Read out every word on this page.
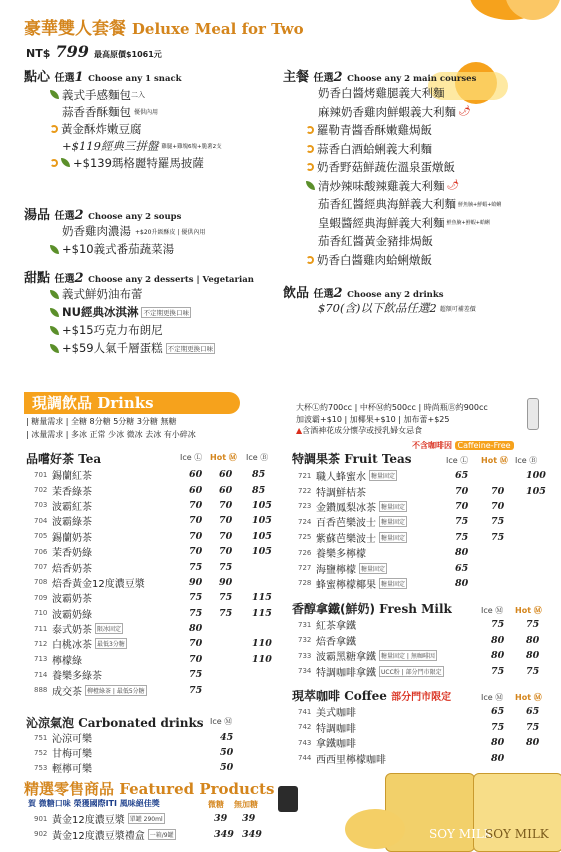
豪華雙人套餐 Deluxe Meal for Two
NT$ 799 最高原價$1061元
點心 任選1 Choose any 1 snack
義式手感麵包 二入
蒜香香酥麵包 優供內用
黃金酥炸嫩豆腐
+$119經典三拼盤 雞腿+雞塊6塊+脆薯2支
+$139瑪格麗特羅馬披薩
湯品 任選2 Choose any 2 soups
奶香雞肉濃湯 +$20升級酥皮 | 優供內用
+$10義式番茄蔬菜湯
甜點 任選2 Choose any 2 desserts | Vegetarian
義式鮮奶油布蕾
NU經典冰淇淋 不定期更換口味
+$15巧克力布朗尼
+$59人氣千層蛋糕 不定期更換口味
主餐 任選2 Choose any 2 main courses
奶香白醬烤雞腿義大利麵
麻辣奶香雞肉鮮蝦義大利麵 🌶
羅勒青醬香酥嫩雞焗飯
蒜香白酒蛤蜊義大利麵
奶香野菇鮮蔬佐溫泉蛋燉飯
清炒辣味酸辣雞義大利麵 🌶
茄香紅醬經典海鮮義大利麵 鮮魚腩+鮮蝦+蛤蜊
皇蝦醬經典海鮮義大利麵 鮮魚腩+鮮蝦+蛤蜊
茄香紅醬黃金豬排焗飯
奶香白醬雞肉蛤蜊燉飯
飲品 任選2 Choose any 2 drinks
$70(含)以下飲品任選2 超額可補差價
現調飲品 Drinks
| 糖量需求 | 全糖 8分糖 5分糖 3分糖 無糖
| 冰量需求 | 多冰 正常 少冰 微冰 去冰 有小碎冰
大杯Ⓛ約700cc | 中杯Ⓜ約500cc | 時尚瓶Ⓑ約900cc
加波霸+$10 | 加椰果+$10 | 加布蕾+$25
▲含酒神花成分懷孕或授乳婦女忌食
品嚐好茶 Tea	Ice Ⓛ Hot Ⓜ Ice Ⓑ
701 錫蘭紅茶	60 60 85
702 茉香綠茶	60 60 85
703 波霸紅茶	70 70 105
704 波霸綠茶	70 70 105
705 錫蘭奶茶	70 70 105
706 茉香奶綠	70 70 105
707 焙香奶茶	75 75
708 焙香黃金12度濃豆漿	90 90
709 波霸奶茶	75 75 115
710 波霸奶綠	75 75 115
711 泰式奶茶 限冰固定	80
712 白桃冰茶 最低3分糖	70	110
713 檸檬綠	70	110
714 養樂多綠茶	75
888 成交茶 柳橙綠茶 | 最低5分糖	75
沁涼氣泡 Carbonated drinks Ice Ⓜ
751 沁涼可樂	45
752 甘梅可樂	50
753 輕檸可樂	50
不含咖啡因 Caffeine-Free
特調果茶 Fruit Teas	Ice Ⓛ Hot Ⓜ Ice Ⓑ
721 職人蜂蜜水 糖量固定	65	100
722 特調鮮桔茶	70 70 105
723 金鑽鳳梨冰茶 糖量固定	70 70
724 百香芭樂波士 糖量固定	75 75
725 紫蘇芭樂波士 糖量固定	75 75
726 養樂多檸檬	80
727 海鹽檸檬 糖量固定	65
728 蜂蜜檸檬椰果 糖量固定	80
香醇拿鐵(鮮奶) Fresh Milk	Ice Ⓜ Hot Ⓜ
731 紅茶拿鐵	75 75
732 焙香拿鐵	80 80
733 波霸黑糖拿鐵 糖量固定 | 無咖啡因	80 80
734 特調咖啡拿鐵 UCC粉 | 部分門市限定	75 75
現萃咖啡 Coffee 部分門市限定	Ice Ⓜ Hot Ⓜ
741 美式咖啡	65 65
742 特調咖啡	75 75
743 拿鐵咖啡	80 80
744 西西里檸檬咖啡	80
SOY MILK
SOY MILK
精選零售商品 Featured Products
賀 微糖口味 榮獲國際ITI 風味絕佳獎	微糖 無加糖
901 黃金12度濃豆漿 單罐 290ml	39 39
902 黃金12度濃豆漿禮盒 一箱/9罐	349 349
